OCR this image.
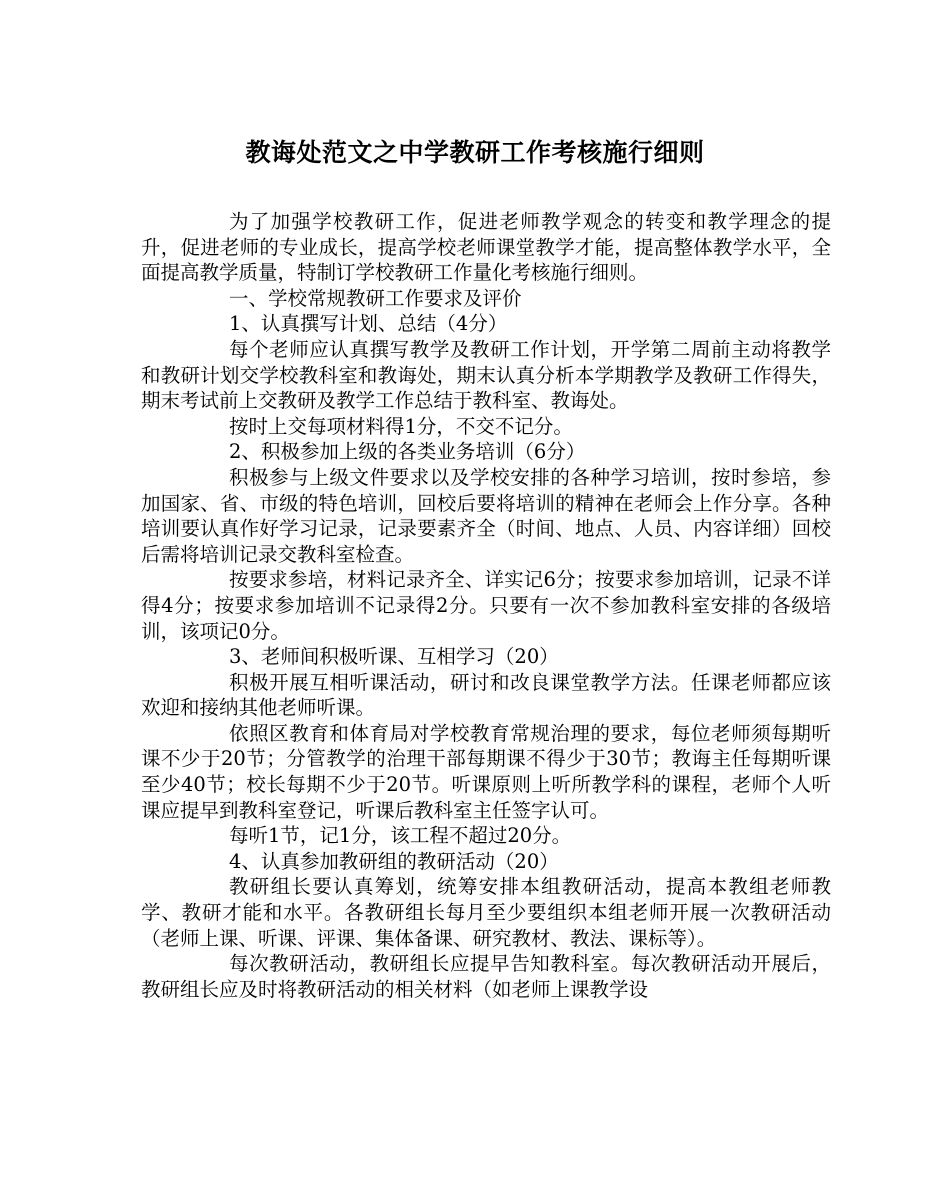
教诲处范文之中学教研工作考核施行细则

为了加强学校教研工作，促进老师教学观念的转变和教学理念的提升，促进老师的专业成长，提高学校老师课堂教学才能，提高整体教学水平，全面提高教学质量，特制订学校教研工作量化考核施行细则。

一、学校常规教研工作要求及评价

1、认真撰写计划、总结（4分）

每个老师应认真撰写教学及教研工作计划，开学第二周前主动将教学和教研计划交学校教科室和教诲处，期末认真分析本学期教学及教研工作得失，期末考试前上交教研及教学工作总结于教科室、教诲处。

按时上交每项材料得1分，不交不记分。

2、积极参加上级的各类业务培训（6分）

积极参与上级文件要求以及学校安排的各种学习培训，按时参培，参加国家、省、市级的特色培训，回校后要将培训的精神在老师会上作分享。各种培训要认真作好学习记录，记录要素齐全（时间、地点、人员、内容详细）回校后需将培训记录交教科室检查。

按要求参培，材料记录齐全、详实记6分；按要求参加培训，记录不详得4分；按要求参加培训不记录得2分。只要有一次不参加教科室安排的各级培训，该项记0分。

3、老师间积极听课、互相学习（20）

积极开展互相听课活动，研讨和改良课堂教学方法。任课老师都应该欢迎和接纳其他老师听课。

依照区教育和体育局对学校教育常规治理的要求，每位老师须每期听课不少于20节；分管教学的治理干部每期课不得少于30节；教诲主任每期听课至少40节；校长每期不少于20节。听课原则上听所教学科的课程，老师个人听课应提早到教科室登记，听课后教科室主任签字认可。

每听1节，记1分，该工程不超过20分。

4、认真参加教研组的教研活动（20）

教研组长要认真筹划，统筹安排本组教研活动，提高本教组老师教学、教研才能和水平。各教研组长每月至少要组织本组老师开展一次教研活动（老师上课、听课、评课、集体备课、研究教材、教法、课标等）。

每次教研活动，教研组长应提早告知教科室。每次教研活动开展后，教研组长应及时将教研活动的相关材料（如老师上课教学设
